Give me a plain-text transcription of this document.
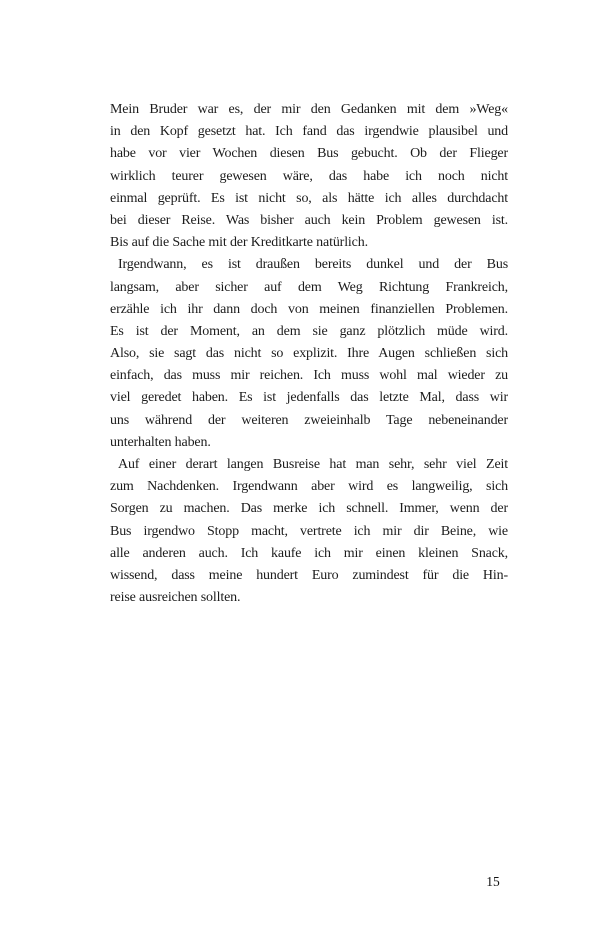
Mein Bruder war es, der mir den Gedanken mit dem »Weg«
in den Kopf gesetzt hat. Ich fand das irgendwie plausibel und
habe vor vier Wochen diesen Bus gebucht. Ob der Flieger
wirklich teurer gewesen wäre, das habe ich noch nicht
einmal geprüft. Es ist nicht so, als hätte ich alles durchdacht
bei dieser Reise. Was bisher auch kein Problem gewesen ist.
Bis auf die Sache mit der Kreditkarte natürlich.
Irgendwann, es ist draußen bereits dunkel und der Bus
langsam, aber sicher auf dem Weg Richtung Frankreich,
erzähle ich ihr dann doch von meinen finanziellen Problemen.
Es ist der Moment, an dem sie ganz plötzlich müde wird.
Also, sie sagt das nicht so explizit. Ihre Augen schließen sich
einfach, das muss mir reichen. Ich muss wohl mal wieder zu
viel geredet haben. Es ist jedenfalls das letzte Mal, dass wir
uns während der weiteren zweieinhalb Tage nebeneinander
unterhalten haben.
Auf einer derart langen Busreise hat man sehr, sehr viel Zeit
zum Nachdenken. Irgendwann aber wird es langweilig, sich
Sorgen zu machen. Das merke ich schnell. Immer, wenn der
Bus irgendwo Stopp macht, vertrete ich mir dir Beine, wie
alle anderen auch. Ich kaufe ich mir einen kleinen Snack,
wissend, dass meine hundert Euro zumindest für die Hin-
reise ausreichen sollten.
15
